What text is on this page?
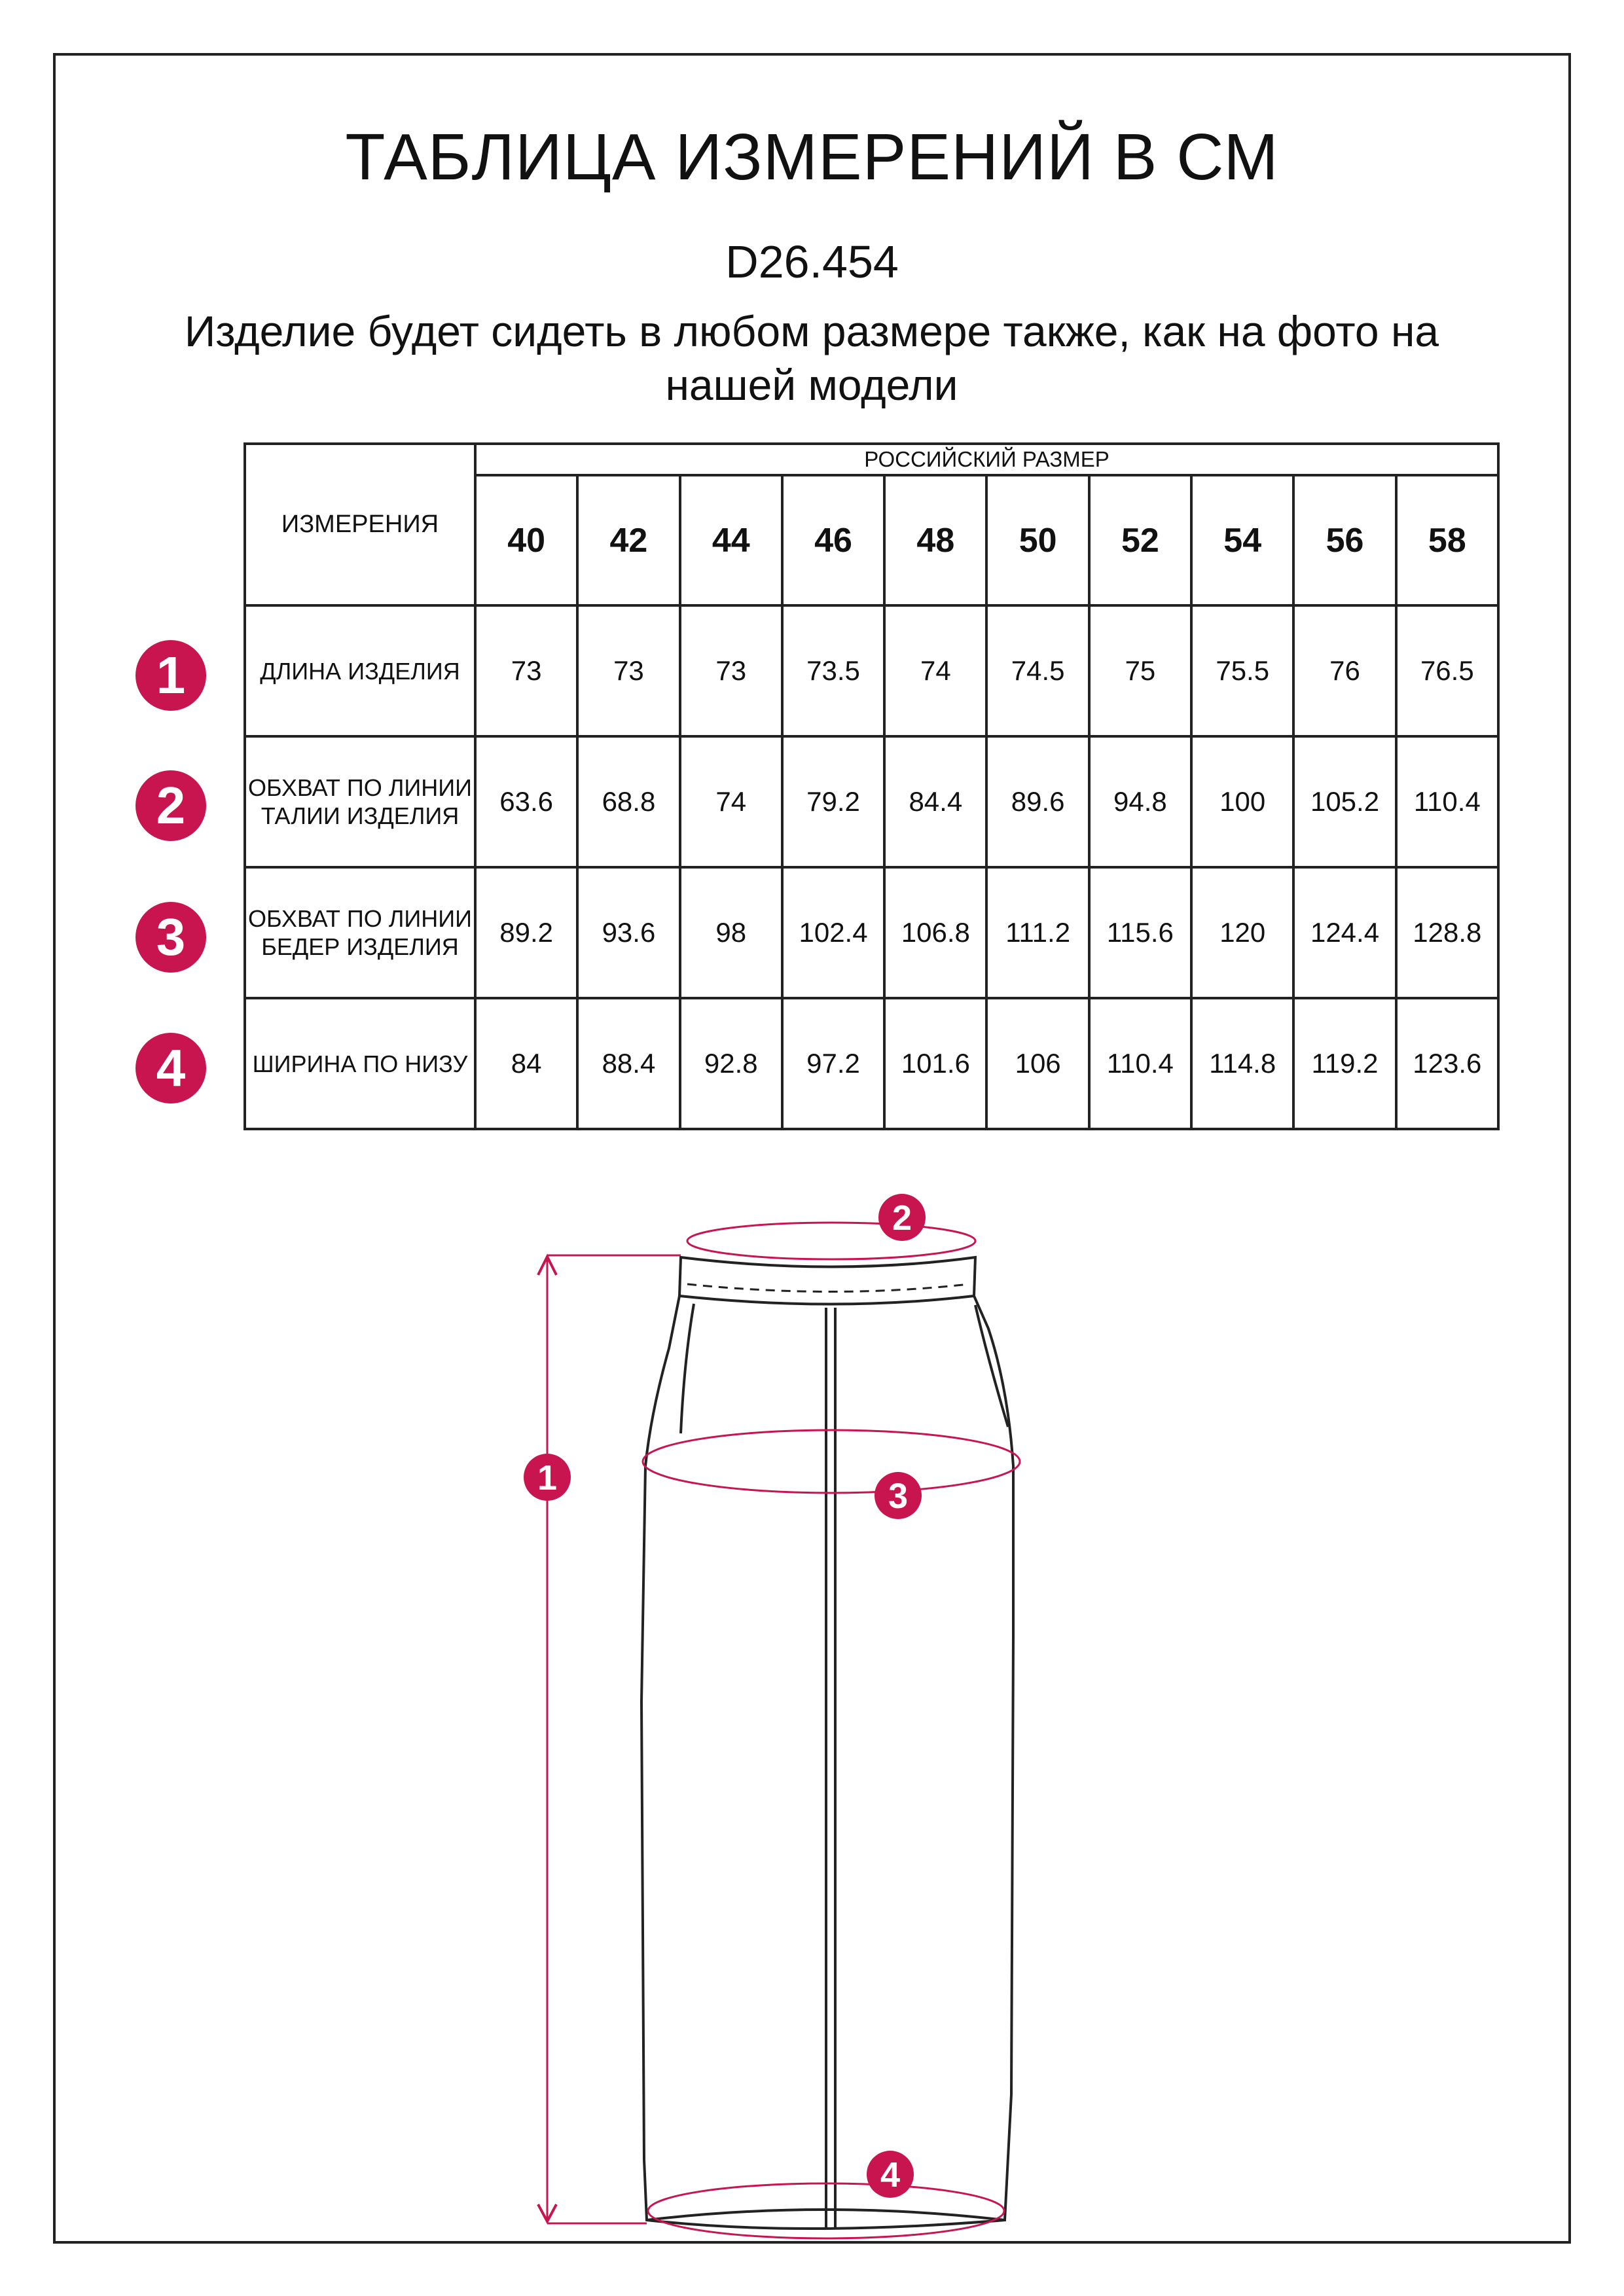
ТАБЛИЦА ИЗМЕРЕНИЙ В СМ
D26.454
Изделие будет сидеть в любом размере также, как на фото на нашей модели
1
2
3
4
ИЗМЕРЕНИЯ	РОССИЙСКИЙ РАЗМЕР									
	40	42	44	46	48	50	52	54	56	58
ДЛИНА ИЗДЕЛИЯ	73	73	73	73.5	74	74.5	75	75.5	76	76.5
ОБХВАТ ПО ЛИНИИ ТАЛИИ ИЗДЕЛИЯ	63.6	68.8	74	79.2	84.4	89.6	94.8	100	105.2	110.4
ОБХВАТ ПО ЛИНИИ БЕДЕР ИЗДЕЛИЯ	89.2	93.6	98	102.4	106.8	111.2	115.6	120	124.4	128.8
ШИРИНА ПО НИЗУ	84	88.4	92.8	97.2	101.6	106	110.4	114.8	119.2	123.6
1
2
3
4
